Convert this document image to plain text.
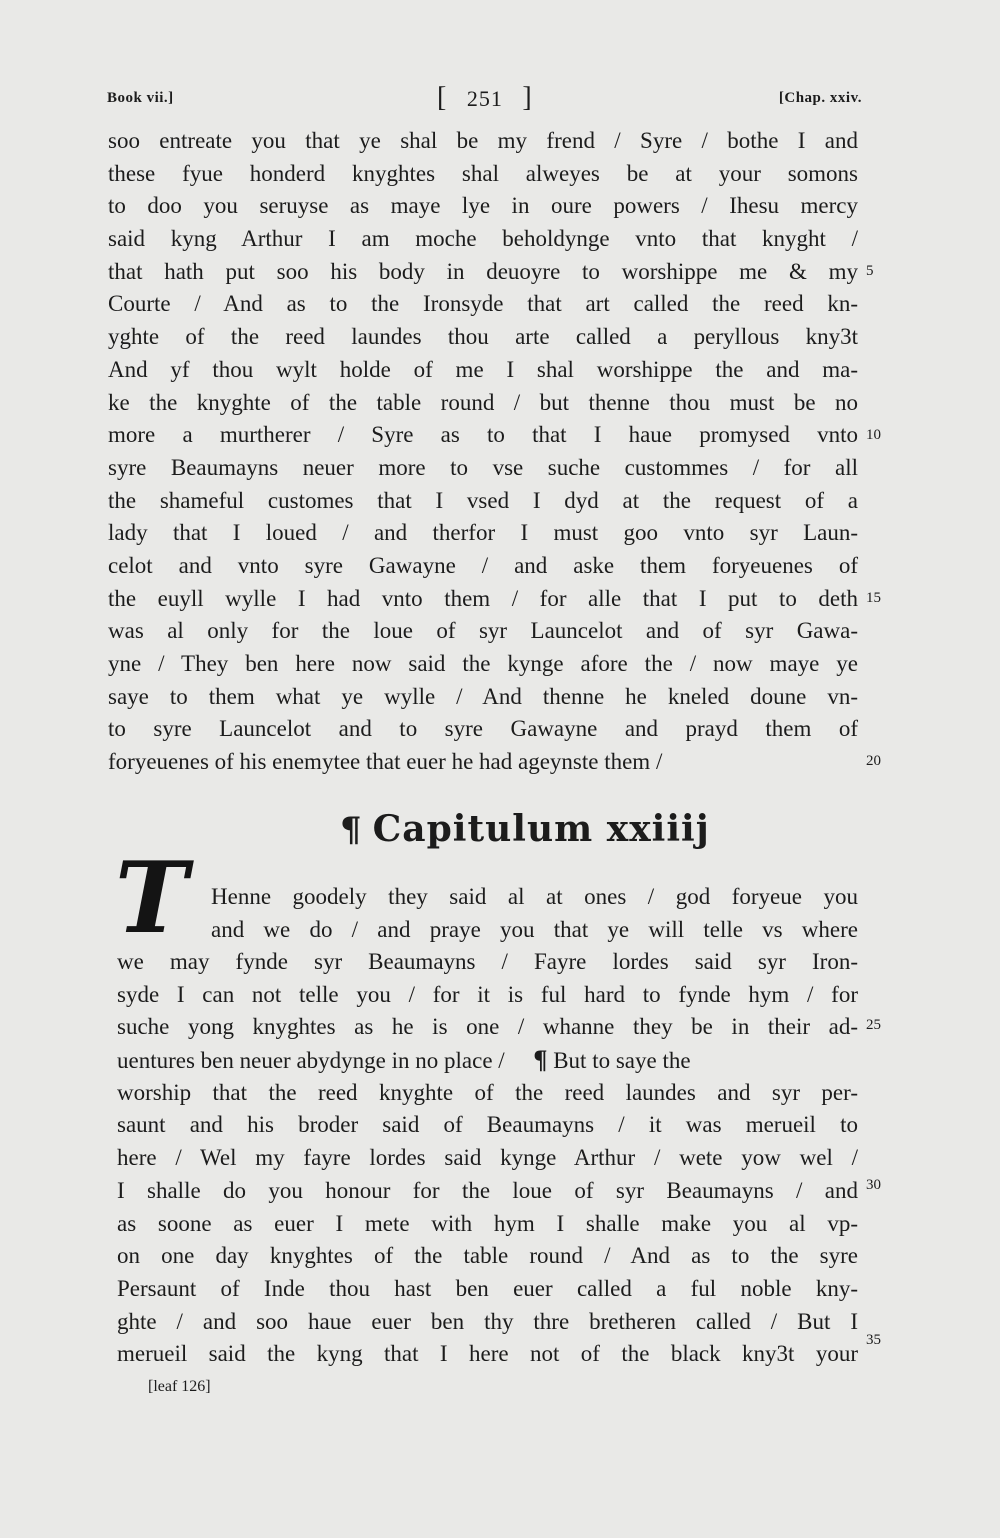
Book vii.]	[ 251 ]	[Chap. xxiv.
soo entreate you that ye shal be my frend / Syre / bothe I and
these fyue honderd knyghtes shal alweyes be at your somons
to doo you seruyse as maye lye in oure powers / Ihesu mercy
said kyng Arthur I am moche beholdynge vnto that knyght /
that hath put soo his body in deuoyre to worshippe me & my
Courte / And as to the Ironsyde that art called the reed kn-
yghte of the reed laundes thou arte called a peryllous kny3t
And yf thou wylt holde of me I shal worshippe the and ma-
ke the knyghte of the table round / but thenne thou must be no
more a murtherer / Syre as to that I haue promysed vnto
syre Beaumayns neuer more to vse suche custommes / for all
the shameful customes that I vsed I dyd at the request of a
lady that I loued / and therfor I must goo vnto syr Laun-
celot and vnto syre Gawayne / and aske them foryeuenes of
the euyll wylle I had vnto them / for alle that I put to deth
was al only for the loue of syr Launcelot and of syr Gawa-
yne / They ben here now said the kynge afore the / now maye ye
saye to them what ye wylle / And thenne he kneled doune vn-
to syre Launcelot and to syre Gawayne and prayd them of
foryeuenes of his enemytee that euer he had ageynste them /
5
10
15
20
25
30
35
¶ Capitulum xxiiij
T	Henne goodely they said al at ones / god foryeue you
and we do / and praye you that ye will telle vs where
we may fynde syr Beaumayns / Fayre lordes said syr Iron-
syde I can not telle you / for it is ful hard to fynde hym / for
suche yong knyghtes as he is one / whanne they be in their ad-
uentures ben neuer abydynge in no place / ¶ But to saye the
worship that the reed knyghte of the reed laundes and syr per-
saunt and his broder said of Beaumayns / it was merueil to
here / Wel my fayre lordes said kynge Arthur / wete yow wel /
I shalle do you honour for the loue of syr Beaumayns / and
as soone as euer I mete with hym I shalle make you al vp-
on one day knyghtes of the table round / And as to the syre
Persaunt of Inde thou hast ben euer called a ful noble kny-
ghte / and soo haue euer ben thy thre bretheren called / But I
merueil said the kyng that I here not of the black kny3t your
[leaf 126]
